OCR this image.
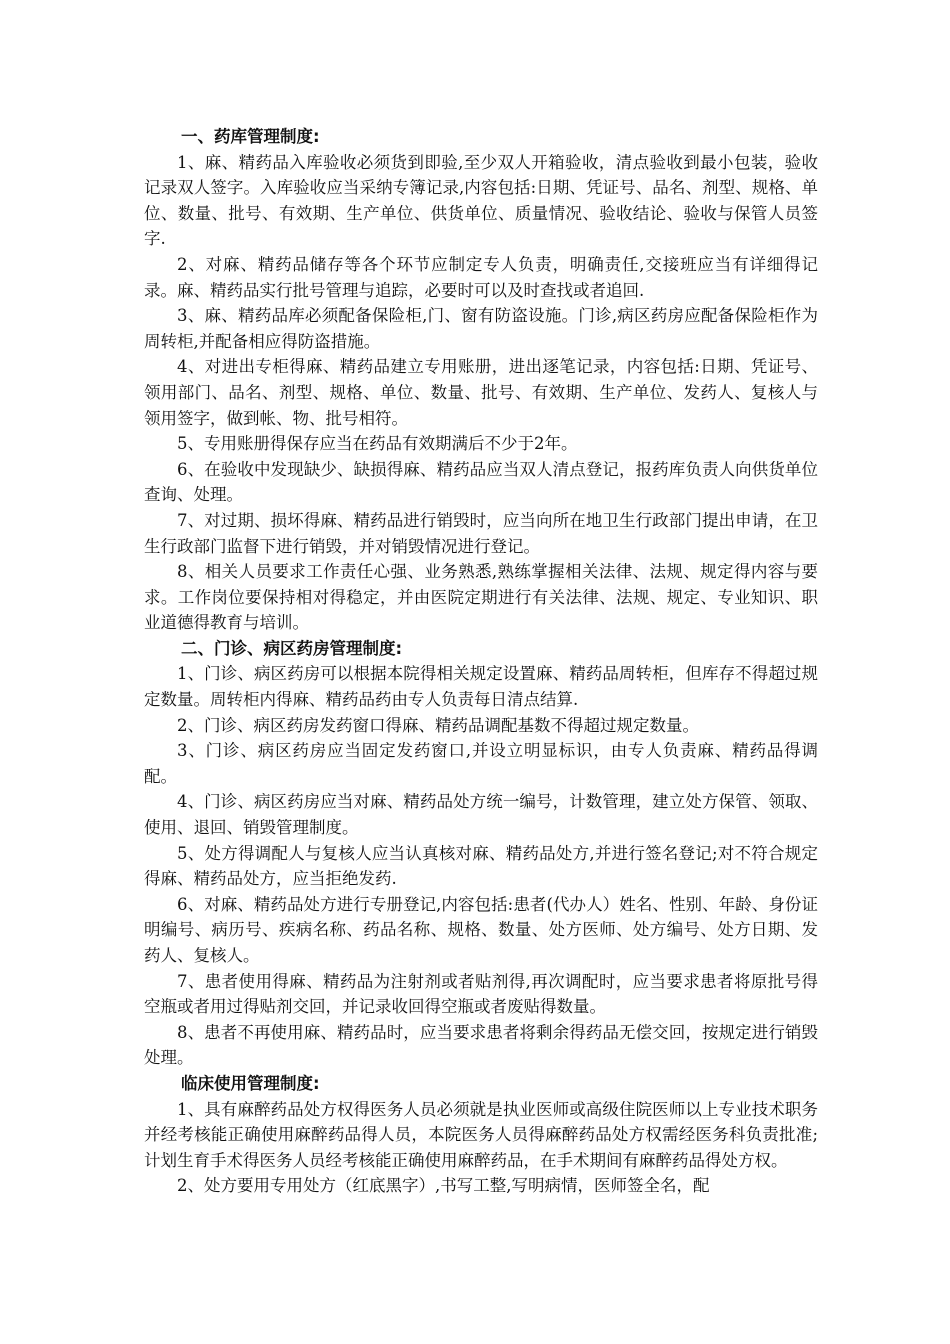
一、药库管理制度:

1、麻、精药品入库验收必须货到即验,至少双人开箱验收，清点验收到最小包装，验收记录双人签字。入库验收应当采纳专簿记录,内容包括:日期、凭证号、品名、剂型、规格、单位、数量、批号、有效期、生产单位、供货单位、质量情况、验收结论、验收与保管人员签字.

2、对麻、精药品储存等各个环节应制定专人负责，明确责任,交接班应当有详细得记录。麻、精药品实行批号管理与追踪，必要时可以及时查找或者追回.

3、麻、精药品库必须配备保险柜,门、窗有防盗设施。门诊,病区药房应配备保险柜作为周转柜,并配备相应得防盗措施。

4、对进出专柜得麻、精药品建立专用账册，进出逐笔记录，内容包括:日期、凭证号、领用部门、品名、剂型、规格、单位、数量、批号、有效期、生产单位、发药人、复核人与领用签字，做到帐、物、批号相符。

5、专用账册得保存应当在药品有效期满后不少于2年。

6、在验收中发现缺少、缺损得麻、精药品应当双人清点登记，报药库负责人向供货单位查询、处理。

7、对过期、损坏得麻、精药品进行销毁时，应当向所在地卫生行政部门提出申请，在卫生行政部门监督下进行销毁，并对销毁情况进行登记。

8、相关人员要求工作责任心强、业务熟悉,熟练掌握相关法律、法规、规定得内容与要求。工作岗位要保持相对得稳定，并由医院定期进行有关法律、法规、规定、专业知识、职业道德得教育与培训。

二、门诊、病区药房管理制度:

1、门诊、病区药房可以根据本院得相关规定设置麻、精药品周转柜，但库存不得超过规定数量。周转柜内得麻、精药品药由专人负责每日清点结算.

2、门诊、病区药房发药窗口得麻、精药品调配基数不得超过规定数量。

3、门诊、病区药房应当固定发药窗口,并设立明显标识，由专人负责麻、精药品得调配。

4、门诊、病区药房应当对麻、精药品处方统一编号，计数管理，建立处方保管、领取、使用、退回、销毁管理制度。

5、处方得调配人与复核人应当认真核对麻、精药品处方,并进行签名登记;对不符合规定得麻、精药品处方，应当拒绝发药.

6、对麻、精药品处方进行专册登记,内容包括:患者(代办人）姓名、性别、年龄、身份证明编号、病历号、疾病名称、药品名称、规格、数量、处方医师、处方编号、处方日期、发药人、复核人。

7、患者使用得麻、精药品为注射剂或者贴剂得,再次调配时，应当要求患者将原批号得空瓶或者用过得贴剂交回，并记录收回得空瓶或者废贴得数量。

8、患者不再使用麻、精药品时，应当要求患者将剩余得药品无偿交回，按规定进行销毁处理。

临床使用管理制度:

1、具有麻醉药品处方权得医务人员必须就是执业医师或高级住院医师以上专业技术职务并经考核能正确使用麻醉药品得人员，本院医务人员得麻醉药品处方权需经医务科负责批准;计划生育手术得医务人员经考核能正确使用麻醉药品，在手术期间有麻醉药品得处方权。

2、处方要用专用处方（红底黑字）,书写工整,写明病情，医师签全名，配
